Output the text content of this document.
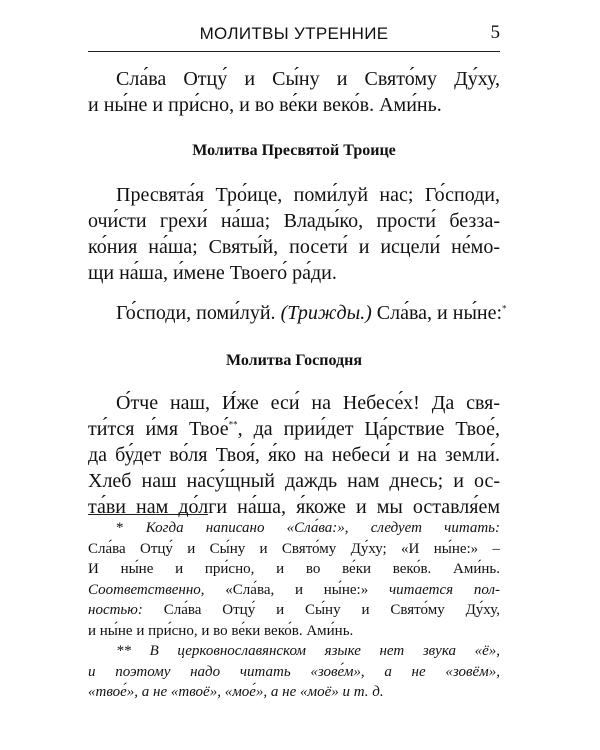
МОЛИТВЫ УТРЕННИЕ	5

Сла́ва Отцу́ и Сы́ну и Свято́му Ду́ху,
и ны́не и при́сно, и во ве́ки веко́в. Ами́нь.

Молитва Пресвятой Троице

Пресвята́я Тро́ице, поми́луй нас; Го́споди,
очи́сти грехи́ на́ша; Влады́ко, прости́ безза-
ко́ния на́ша; Святы́й, посети́ и исцели́ не́мо-
щи на́ша, и́мене Твоего́ ра́ди.

Го́споди, поми́луй. (Трижды.) Сла́ва, и ны́не:*

Молитва Господня

О́тче наш, И́же еси́ на Небесе́х! Да свя-
ти́тся и́мя Твое́**, да прии́дет Ца́рствие Твое́,
да бу́дет во́ля Твоя́, я́ко на небеси́ и на земли́.
Хлеб наш насу́щный даждь нам днесь; и ос-
та́ви нам до́лги на́ша, я́коже и мы оставля́ем

* Когда написано «Сла́ва:», следует читать:
Сла́ва Отцу́ и Сы́ну и Свято́му Ду́ху; «И ны́не:» –
И ны́не и при́сно, и во ве́ки веко́в. Ами́нь.
Соответственно, «Сла́ва, и ны́не:» читается пол-
ностью: Сла́ва Отцу́ и Сы́ну и Свято́му Ду́ху,
и ны́не и при́сно, и во ве́ки веко́в. Ами́нь.
** В церковнославянском языке нет звука «ё»,
и поэтому надо читать «зове́м», а не «зовём»,
«твое́», а не «твоё», «мое́», а не «моё» и т. д.
